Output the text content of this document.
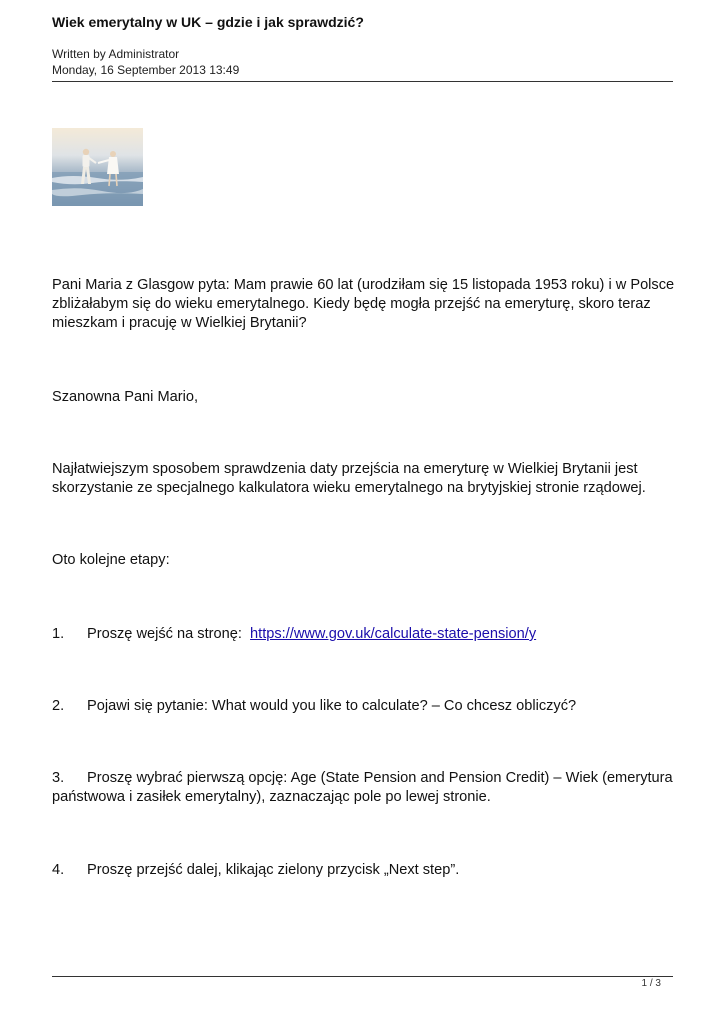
Wiek emerytalny w UK – gdzie i jak sprawdzić?
Written by Administrator
Monday, 16 September 2013 13:49

Pani Maria z Glasgow pyta: Mam prawie 60 lat (urodziłam się 15 listopada 1953 roku) i w Polsce zbliżałabym się do wieku emerytalnego. Kiedy będę mogła przejść na emeryturę, skoro teraz mieszkam i pracuję w Wielkiej Brytanii?

Szanowna Pani Mario,

Najłatwiejszym sposobem sprawdzenia daty przejścia na emeryturę w Wielkiej Brytanii jest skorzystanie ze specjalnego kalkulatora wieku emerytalnego na brytyjskiej stronie rządowej.

Oto kolejne etapy:

1. Proszę wejść na stronę: https://www.gov.uk/calculate-state-pension/y

2. Pojawi się pytanie: What would you like to calculate? – Co chcesz obliczyć?

3. Proszę wybrać pierwszą opcję: Age (State Pension and Pension Credit) – Wiek (emerytura państwowa i zasiłek emerytalny), zaznaczając pole po lewej stronie.

4. Proszę przejść dalej, klikając zielony przycisk „Next step”.

1 / 3
